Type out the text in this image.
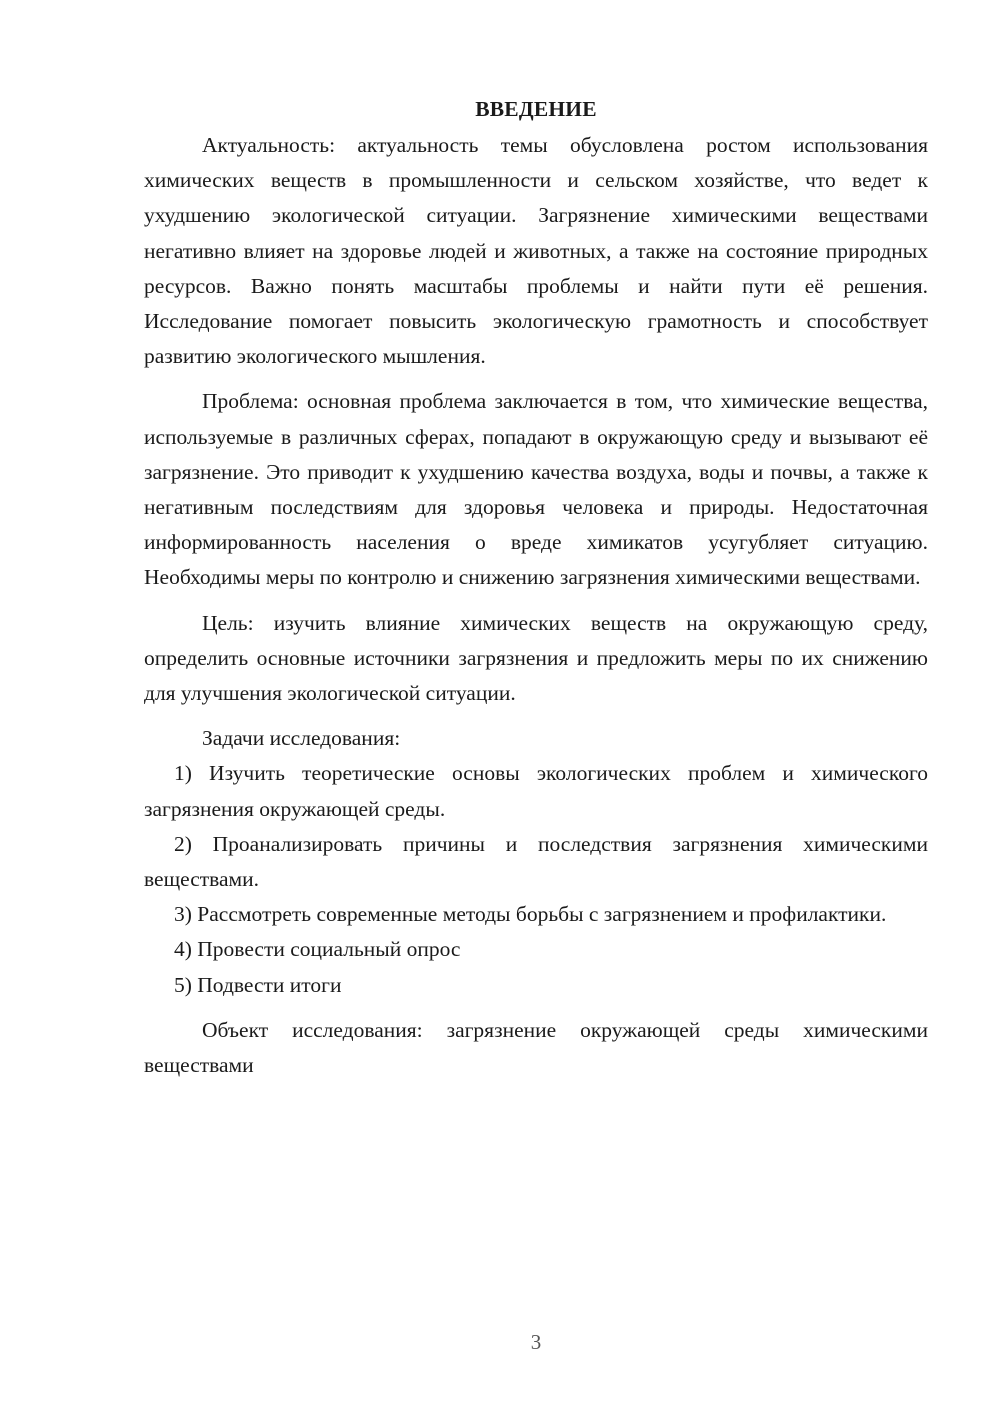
ВВЕДЕНИЕ

Актуальность: актуальность темы обусловлена ростом использования химических веществ в промышленности и сельском хозяйстве, что ведет к ухудшению экологической ситуации. Загрязнение химическими веществами негативно влияет на здоровье людей и животных, а также на состояние природных ресурсов. Важно понять масштабы проблемы и найти пути её решения. Исследование помогает повысить экологическую грамотность и способствует развитию экологического мышления.

Проблема: основная проблема заключается в том, что химические вещества, используемые в различных сферах, попадают в окружающую среду и вызывают её загрязнение. Это приводит к ухудшению качества воздуха, воды и почвы, а также к негативным последствиям для здоровья человека и природы. Недостаточная информированность населения о вреде химикатов усугубляет ситуацию. Необходимы меры по контролю и снижению загрязнения химическими веществами.

Цель: изучить влияние химических веществ на окружающую среду, определить основные источники загрязнения и предложить меры по их снижению для улучшения экологической ситуации.

Задачи исследования:

1) Изучить теоретические основы экологических проблем и химического загрязнения окружающей среды.

2) Проанализировать причины и последствия загрязнения химическими веществами.

3) Рассмотреть современные методы борьбы с загрязнением и профилактики.

4) Провести социальный опрос

5) Подвести итоги

Объект исследования: загрязнение окружающей среды химическими веществами

3
